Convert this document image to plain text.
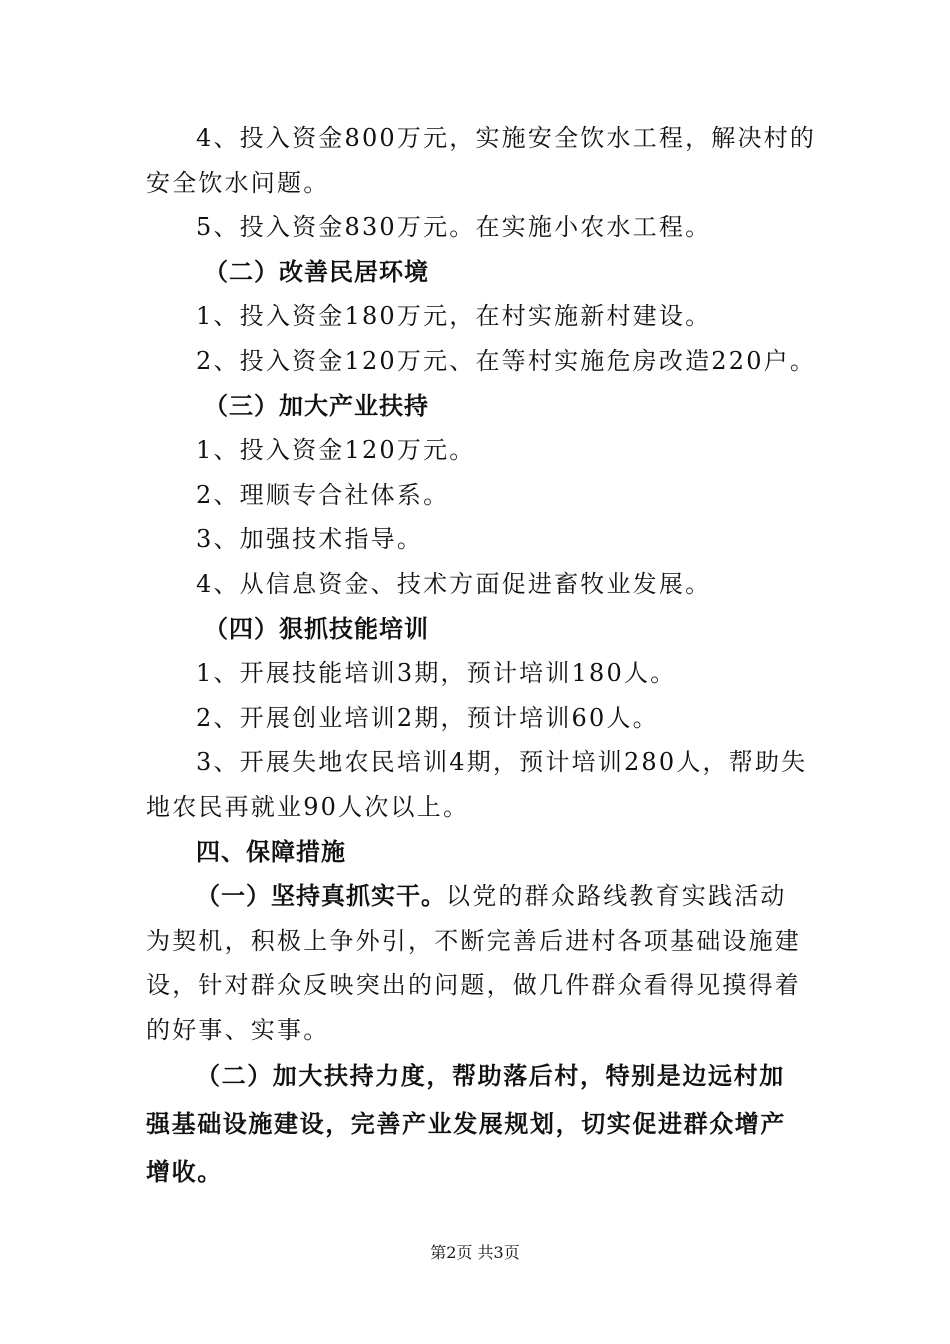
4、投入资金800万元，实施安全饮水工程，解决村的

安全饮水问题。

5、投入资金830万元。在实施小农水工程。

（二）改善民居环境

1、投入资金180万元，在村实施新村建设。

2、投入资金120万元、在等村实施危房改造220户。

（三）加大产业扶持

1、投入资金120万元。

2、理顺专合社体系。

3、加强技术指导。

4、从信息资金、技术方面促进畜牧业发展。

（四）狠抓技能培训

1、开展技能培训3期，预计培训180人。

2、开展创业培训2期，预计培训60人。

3、开展失地农民培训4期，预计培训280人，帮助失

地农民再就业90人次以上。

四、保障措施

（一）坚持真抓实干。以党的群众路线教育实践活动

为契机，积极上争外引，不断完善后进村各项基础设施建

设，针对群众反映突出的问题，做几件群众看得见摸得着

的好事、实事。

（二）加大扶持力度，帮助落后村，特别是边远村加

强基础设施建设，完善产业发展规划，切实促进群众增产

增收。

第2页 共3页
